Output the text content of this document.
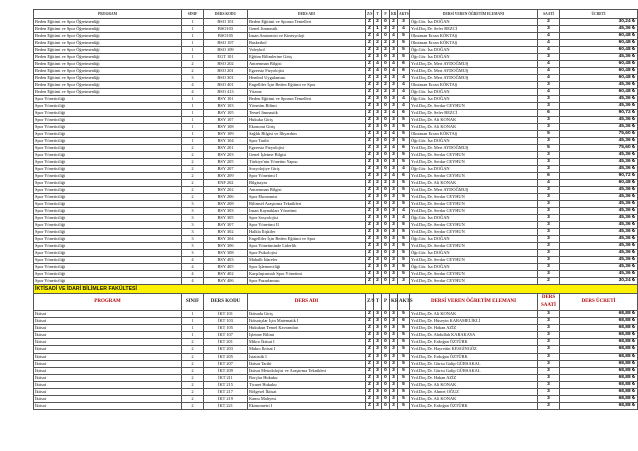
PROGRAM	SINIF	DERS KODU	DERS ADI	Z/S	T	P	KR	AKTS	DERSİ VEREN ÖĞRETİM ELEMANI	SAATİ	ÜCRETİ
Beden Eğitimi ve Spor Öğretmenliği	1	BSO 101	Beden Eğitimi ve Sporun Temelleri	Z	2	0	2	3	Öğr.Gör. İsa DOĞAN	2	30,24 ₺
Beden Eğitimi ve Spor Öğretmenliği	1	BSO103	Genel Jimnastik	Z	1	2	2	4	Yrd.Doç.Dr. Sefer BEZCİ	3	45,36 ₺
Beden Eğitimi ve Spor Öğretmenliği	1	BSO105	İnsan Anatomisi ve Kinesyoloji	Z	4	0	4	5	Okutman Ercan KÖKTAŞ	4	60,48 ₺
Beden Eğitimi ve Spor Öğretmenliği	1	BSO 107	Basketbol	Z	2	2	3	5	Okutman Ercan KÖKTAŞ	4	60,48 ₺
Beden Eğitimi ve Spor Öğretmenliği	1	BSO 109	Voleybol	Z	2	2	3	5	Öğr.Gör. İsa DOĞAN	4	60,48 ₺
Beden Eğitimi ve Spor Öğretmenliği	1	EGT 101	Eğitim Bilimlerine Giriş	Z	3	0	3	5	Öğr.Gör. İsa DOĞAN	3	45,36 ₺
Beden Eğitimi ve Spor Öğretmenliği	2	BSO 202	Antrenman Bilgisi	Z	4	0	4	6	Yrd.Doç.Dr. Mert AYDOĞMUŞ	4	60,48 ₺
Beden Eğitimi ve Spor Öğretmenliği	2	BSO 201	Egzersiz Fizyolojisi	Z	4	0	4	6	Yrd.Doç.Dr. Mert AYDOĞMUŞ	4	60,48 ₺
Beden Eğitimi ve Spor Öğretmenliği	3	BSO 301	Hentbol Uygulaması	Z	2	2	3	4	Yrd.Doç.Dr. Mert AYDOĞMUŞ	4	60,48 ₺
Beden Eğitimi ve Spor Öğretmenliği	4	BSO 401	Engelliler İçin Beden Eğitimi ve Spor	Z	2	2	3	4	Okutman Ercan KÖKTAŞ	3	45,36 ₺
Beden Eğitimi ve Spor Öğretmenliği	4	BSO 413	Yüzme	Z	2	2	3	4	Öğr.Gör. İsa DOĞAN	4	60,48 ₺
Spor Yöneticiliği	1	BSY 101	Beden Eğitimi ve Sporun Temelleri	Z	3	0	3	4	Öğr.Gör. İsa DOĞAN	3	45,36 ₺
Spor Yöneticiliği	1	BSY 103	Yönetim Bilimi	Z	3	0	3	4	Yrd.Doç.Dr. Serdar CEYHUN	3	45,36 ₺
Spor Yöneticiliği	1	BSY 105	Temel Jimnastik	Z	3	2	4	6	Yrd.Doç.Dr. Sefer BEZCİ	6	90,72 ₺
Spor Yöneticiliği	1	BSY 107	Hukuka Giriş	Z	3	0	3	5	Yrd.Doç.Dr. Ali KONAK	3	45,36 ₺
Spor Yöneticiliği	1	BSY 108	Ekonomi Giriş	Z	3	0	3	5	Yrd.Doç.Dr. Ali KONAK	3	45,36 ₺
Spor Yöneticiliği	1	BSY 109	Sağlık Bilgisi ve İlkyardım	Z	3	2	4	5	Okutman Ercan KÖKTAŞ	5	75,60 ₺
Spor Yöneticiliği	1	BSY 104	Spor Tarihi	Z	3	0	3	5	Öğr.Gör. İsa DOĞAN	3	45,36 ₺
Spor Yöneticiliği	2	BSY 201	Egzersiz Fizyolojisi	Z	3	2	4	6	Yrd.Doç.Dr. Mert AYDOĞMUŞ	5	75,60 ₺
Spor Yöneticiliği	2	BSY 203	Genel İşletme Bilgisi	Z	3	0	3	5	Yrd.Doç.Dr. Serdar CEYHUN	3	45,36 ₺
Spor Yöneticiliği	2	BSY 205	Türkiye'nin Yönetim Yapısı	Z	3	0	3	5	Yrd.Doç.Dr. Serdar CEYHUN	3	45,36 ₺
Spor Yöneticiliği	2	BSY 207	Sosyolojiye Giriş	Z	3	0	3	4	Öğr.Gör. İsa DOĞAN	3	45,36 ₺
Spor Yöneticiliği	2	BSY 209	Spor Yönetimi I	Z	3	2	4	6	Yrd.Doç.Dr. Serdar CEYHUN	6	90,72 ₺
Spor Yöneticiliği	2	ENF 202	Bilgisayar	Z	2	2	3	5	Yrd.Doç.Dr. Ali KONAK	4	60,48 ₺
Spor Yöneticiliği	2	BSY 202	Antrenman Bilgisi	Z	3	0	3	5	Yrd.Doç.Dr. Mert AYDOĞMUŞ	3	45,36 ₺
Spor Yöneticiliği	2	BSY 206	Spor Ekonomisi	Z	3	0	3	5	Yrd.Doç.Dr. Serdar CEYHUN	3	45,36 ₺
Spor Yöneticiliği	3	BSY 208	Bilimsel Araştırma Teknikleri	Z	3	0	3	5	Yrd.Doç.Dr. Serdar CEYHUN	3	45,36 ₺
Spor Yöneticiliği	3	BSY 303	İnsan Kaynakları Yönetimi	Z	3	0	3	4	Yrd.Doç.Dr. Serdar CEYHUN	3	45,36 ₺
Spor Yöneticiliği	3	BSY 305	Spor Sosyolojisi	Z	3	0	3	4	Öğr.Gör. İsa DOĞAN	3	45,36 ₺
Spor Yöneticiliği	3	BSY 307	Spor Yönetimi II	Z	3	0	3	5	Yrd.Doç.Dr. Serdar CEYHUN	3	45,36 ₺
Spor Yöneticiliği	3	BSY 302	Halkla İlişkiler	Z	3	0	3	5	Yrd.Doç.Dr. Serdar CEYHUN	3	45,36 ₺
Spor Yöneticiliği	3	BSY 304	Engelliler İçin Beden Eğitimi ve Spor	Z	3	0	3	5	Öğr.Gör. İsa DOĞAN	3	45,36 ₺
Spor Yöneticiliği	3	BSY 306	Spor Yönetiminde Liderlik	Z	3	0	3	5	Yrd.Doç.Dr. Serdar CEYHUN	3	45,36 ₺
Spor Yöneticiliği	3	BSY 308	Spor Psikolojisi	Z	3	0	3	5	Öğr.Gör. İsa DOĞAN	3	45,36 ₺
Spor Yöneticiliği	4	BSY 403	Mahalli İdareler	Z	3	0	3	5	Yrd.Doç.Dr. Serdar CEYHUN	3	45,36 ₺
Spor Yöneticiliği	4	BSY 405	Spor İşletmeciliği	Z	3	0	3	5	Öğr.Gör. İsa DOĞAN	3	45,36 ₺
Spor Yöneticiliği	4	BSY 402	Karşılaştırmalı Spor Yönetimi	Z	3	0	3	5	Yrd.Doç.Dr. Serdar CEYHUN	3	45,36 ₺
Spor Yöneticiliği	4	BSY 406	Spor Pazarlaması	Z	2	0	2	3	Yrd.Doç.Dr. Serdar CEYHUN	2	30,24 ₺
İKTİSADİ VE İDARİ BİLİMLER FAKÜLTESİ											
PROGRAM	SINIF	DERS KODU	DERS ADI	Z/S	T	P	KR	AKTS	DERSİ VEREN ÖĞRETİM ELEMANI	DERS SAATİ	DERS ÜCRETİ
İktisat	1	İKT 101	İktisada Giriş	Z	3	0	3	5	Yrd.Doç.Dr. Ali KONAK	3	68,88 ₺
İktisat	1	İKT 103	İktisatçılar İçin Matematik I	Z	3	0	3	6	Yrd.Doç.Dr. Hüseyin KARAMELİKLİ	3	68,88 ₺
İktisat	1	İKT 105	Hukukun Temel Kavramları	Z	3	0	3	5	Yrd.Doç.Dr. Hakan AZİZ	3	68,88 ₺
İktisat	1	İKT 107	İşletme Bilimi	Z	3	0	3	5	Yrd.Doç.Dr. Abdullah KARAKAYA	3	68,88 ₺
İktisat	2	İKT 201	Mikro İktisat I	Z	3	0	3	5	Yrd.Doç.Dr. Erdoğan ÖZTÜRK	3	68,88 ₺
İktisat	2	İKT 203	Makro İktisat I	Z	3	0	3	5	Yrd.Doç.Dr. Hayrettin KESGİNGÖZ	3	68,88 ₺
İktisat	2	İKT 205	İstatistik I	Z	3	0	3	5	Yrd.Doç.Dr. Erdoğan ÖZTÜRK	3	68,88 ₺
İktisat	2	İKT 207	İktisat Tarihi	Z	3	0	3	5	Yrd.Doç.Dr. Gürsu Galip GÜRSAKAL	3	68,88 ₺
İktisat	2	İKT 209	İktisat Metodolojisi ve Araştırma Teknikleri	Z	3	0	3	5	Yrd.Doç.Dr. Gürsu Galip GÜRSAKAL	3	68,88 ₺
İktisat	2	İKT 211	Borçlar Hukuku	Z	3	0	3	5	Yrd.Doç.Dr. Hakan AZİZ	3	68,88 ₺
İktisat	2	İKT 215	Ticaret Hukuku	Z	3	0	3	5	Yrd.Doç.Dr. Ali KONAK	3	68,88 ₺
İktisat	2	İKT 217	Bölgesel İktisat	Z	3	0	3	5	Yrd.Doç.Dr. Ahmet OĞUZ	3	68,88 ₺
İktisat	2	İKT 219	Kamu Maliyesi	Z	3	0	3	5	Yrd.Doç.Dr. Ali KONAK	3	68,88 ₺
İktisat	2	İKT 221	Ekonometri I	Z	3	0	3	5	Yrd.Doç.Dr. Erdoğan ÖZTÜRK	3	68,88 ₺
